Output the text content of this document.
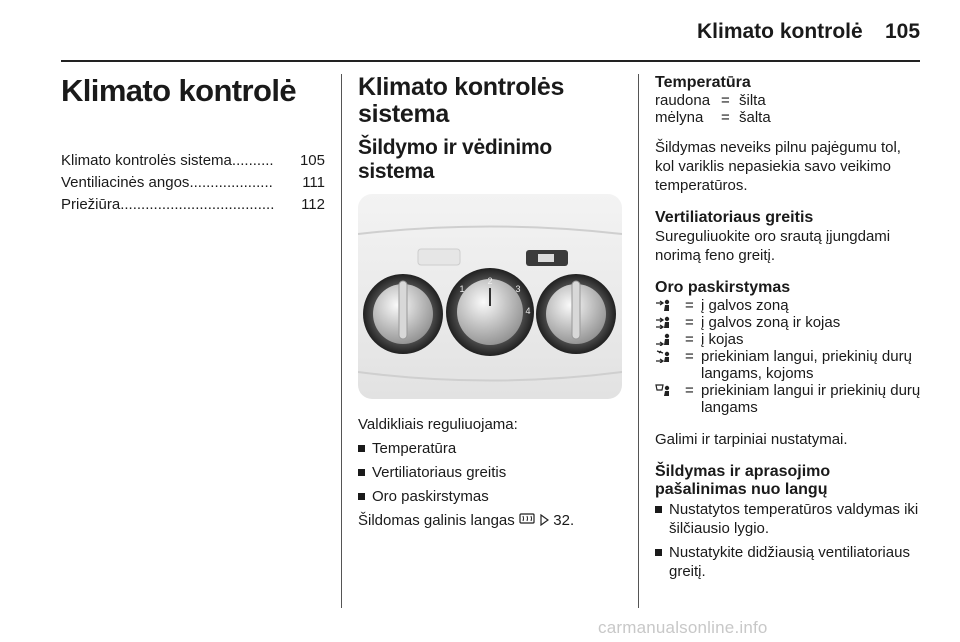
Klimato kontrolė 105
Klimato kontrolė
Klimato kontrolės sistema ..........	105
Ventiliacinės angos ....................	111
Priežiūra .....................................	112
Klimato kontrolės sistema
Šildymo ir vėdinimo sistema
2
1	3
4
Valdikliais reguliuojama:
Temperatūra
Vertiliatoriaus greitis
Oro paskirstymas
Šildomas galinis langas   32.
Temperatūra
raudona = šilta
mėlyna	= šalta
Šildymas neveiks pilnu pajėgumu tol, kol variklis nepasiekia savo veikimo temperatūros.
Vertiliatoriaus greitis
Sureguliuokite oro srautą įjungdami norimą feno greitį.
Oro paskirstymas
= į galvos zoną
= į galvos zoną ir kojas
= į kojas
= priekiniam langui, priekinių durų langams, kojoms
= priekiniam langui ir priekinių durų langams
Galimi ir tarpiniai nustatymai.
Šildymas ir aprasojimo pašalinimas nuo langų
Nustatytos temperatūros valdymas iki šilčiausio lygio.
Nustatykite didžiausią ventiliatoriaus greitį.
carmanualsonline.info
